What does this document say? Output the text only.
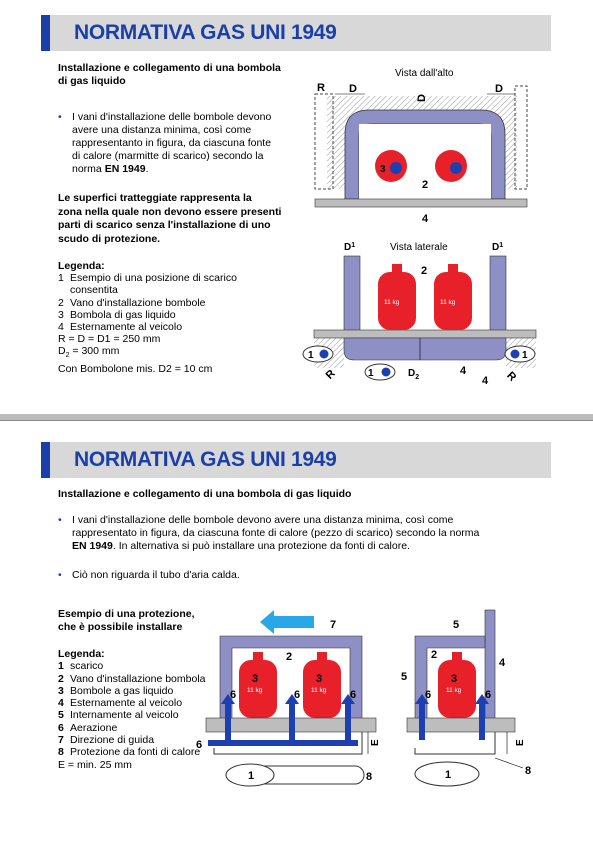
NORMATIVA GAS UNI 1949
Installazione e collegamento di una bombola
di gas liquido
• I vani d'installazione delle bombole devono
avere una distanza minima, così come
rappresentanto in figura, da ciascuna fonte
di calore (marmitte di scarico) secondo la
norma EN 1949.
Le superfici tratteggiate rappresenta la
zona nella quale non devono essere presenti
parti di scarico senza l'installazione di uno
scudo di protezione.
Legenda:
1 Esempio di una posizione di scarico
consentita
2 Vano d'installazione bombole
3 Bombola di gas liquido
4 Esternamente al veicolo
R = D = D1 = 250 mm
$D_2 = 300$ mm
Con Bombolone mis. D2 = 10 cm
Vista dall'alto
3
2
4
R D	D
D
Vista laterale
$D^1$	$D^1$
11 kg	11 kg
2
1
1
1
$D_2$
4
4
R	R
NORMATIVA GAS UNI 1949
Installazione e collegamento di una bombola di gas liquido
• I vani d'installazione delle bombole devono avere una distanza minima, così come
rappresentato in figura, da ciascuna fonte di calore (pezzo di scarico) secondo la norma
EN 1949. In alternativa si può installare una protezione da fonti di calore.
• Ciò non riguarda il tubo d'aria calda.
Esempio di una protezione,
che è possibile installare
Legenda:
1 scarico
2 Vano d'installazione bombola
3 Bombole a gas liquido
4 Esternamente al veicolo
5 Internamente al veicolo
6 Aerazione
7 Direzione di guida
8 Protezione da fonti di calore
E = min. 25 mm
7
2
3	3
11 kg	11 kg
6	6	6
6	E
1	8
5
2
5
4
3
11 kg
6	6
E
1	8
